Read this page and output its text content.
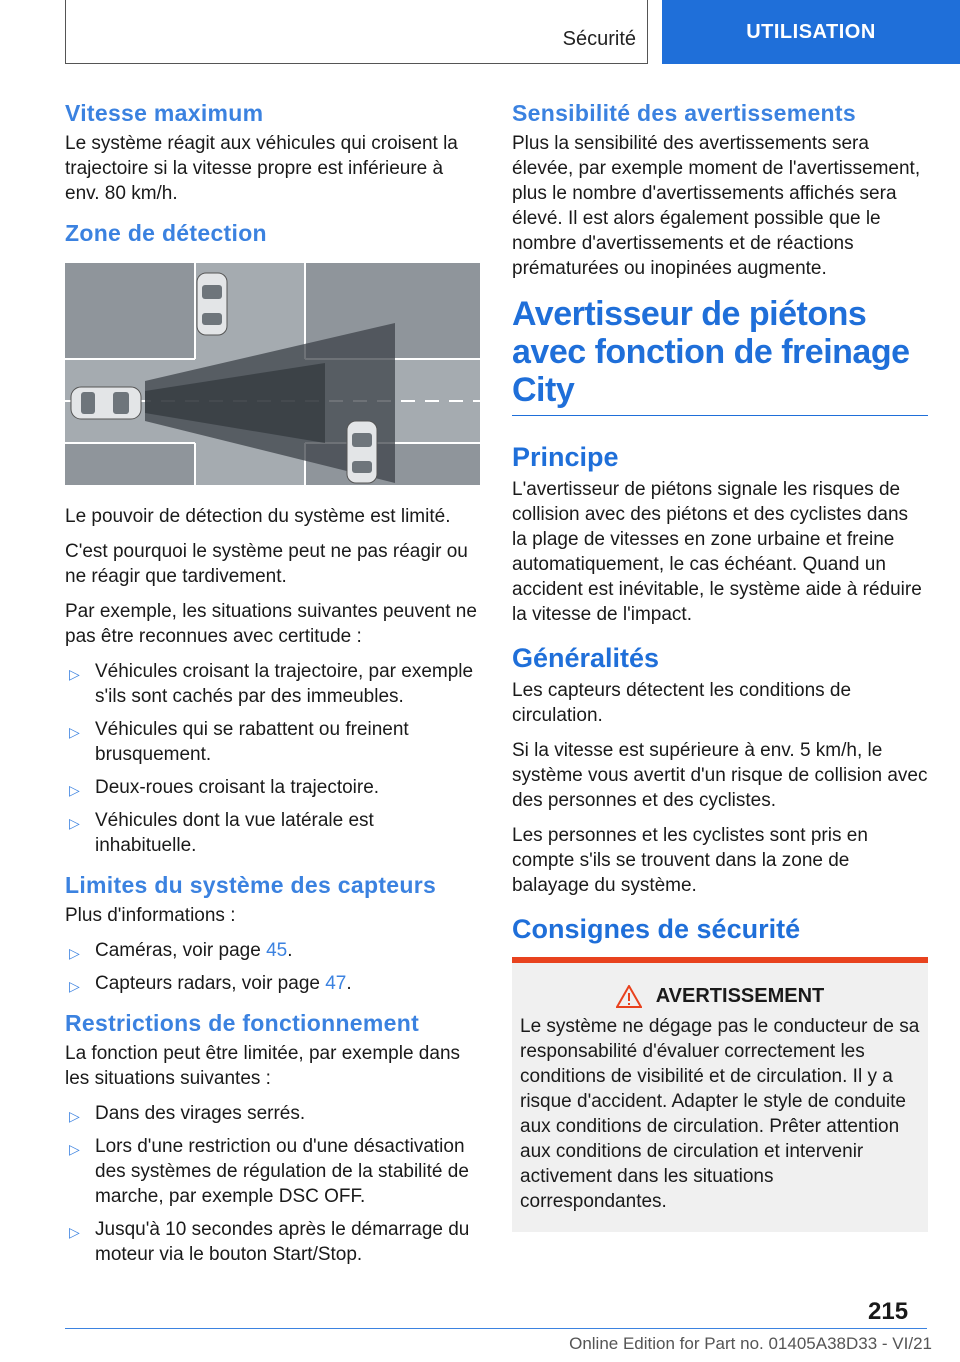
Sécurité	UTILISATION
Vitesse maximum

Le système réagit aux véhicules qui croisent la trajectoire si la vitesse propre est inférieure à env. 80 km/h.

Zone de détection

Le pouvoir de détection du système est limité.

C'est pourquoi le système peut ne pas réagir ou ne réagir que tardivement.

Par exemple, les situations suivantes peuvent ne pas être reconnues avec certitude :

▷ Véhicules croisant la trajectoire, par exemple s'ils sont cachés par des immeubles.
▷ Véhicules qui se rabattent ou freinent brusquement.
▷ Deux-roues croisant la trajectoire.
▷ Véhicules dont la vue latérale est inhabituelle.
Limites du système des capteurs

Plus d'informations :

▷ Caméras, voir page 45.
▷ Capteurs radars, voir page 47.
Restrictions de fonctionnement

La fonction peut être limitée, par exemple dans les situations suivantes :

▷ Dans des virages serrés.
▷ Lors d'une restriction ou d'une désactivation des systèmes de régulation de la stabilité de marche, par exemple DSC OFF.
▷ Jusqu'à 10 secondes après le démarrage du moteur via le bouton Start/Stop.
Sensibilité des avertissements

Plus la sensibilité des avertissements sera élevée, par exemple moment de l'avertissement, plus le nombre d'avertissements affichés sera élevé. Il est alors également possible que le nombre d'avertissements et de réactions prématurées ou inopinées augmente.

Avertisseur de piétons avec fonction de freinage City
Principe

L'avertisseur de piétons signale les risques de collision avec des piétons et des cyclistes dans la plage de vitesses en zone urbaine et freine automatiquement, le cas échéant. Quand un accident est inévitable, le système aide à réduire la vitesse de l'impact.

Généralités

Les capteurs détectent les conditions de circulation.

Si la vitesse est supérieure à env. 5 km/h, le système vous avertit d'un risque de collision avec des personnes et des cyclistes.

Les personnes et les cyclistes sont pris en compte s'ils se trouvent dans la zone de balayage du système.

Consignes de sécurité
AVERTISSEMENT

Le système ne dégage pas le conducteur de sa responsabilité d'évaluer correctement les conditions de visibilité et de circulation. Il y a risque d'accident. Adapter le style de conduite aux conditions de circulation. Prêter attention aux conditions de circulation et intervenir activement dans les situations correspondantes.

215
Online Edition for Part no. 01405A38D33 - VI/21
